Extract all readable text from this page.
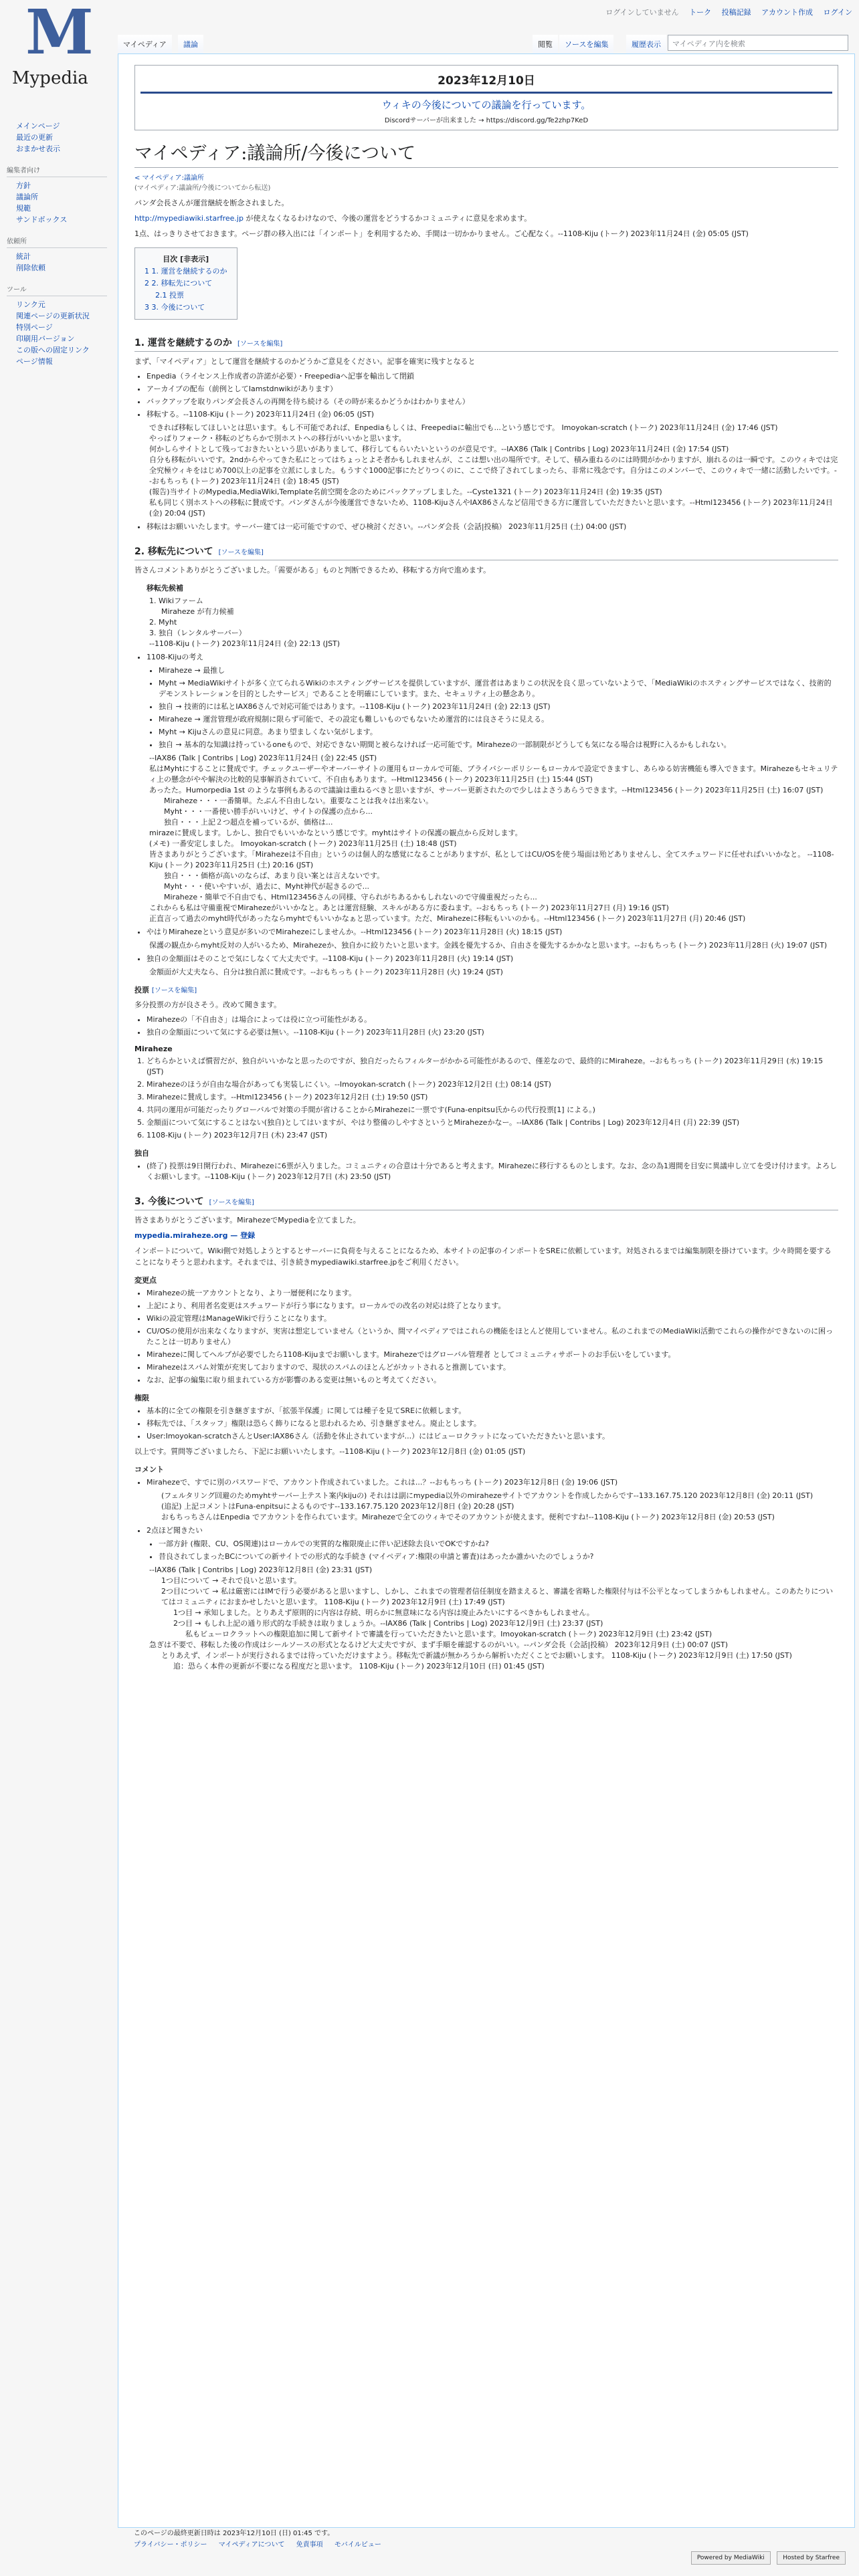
M
Mypedia
ログインしていません トーク 投稿記録 アカウント作成 ログイン
マイペディア	議論	閲覧	ソースを編集	履歴表示	マイペディア内を検索
メインページ
最近の更新
おまかせ表示
編集者向け
方針
議論所
規範
サンドボックス
依頼所
統計
削除依頼
ツール
リンク元
関連ページの更新状況
特別ページ
印刷用バージョン
この版への固定リンク
ページ情報
2023年12月10日
ウィキの今後についての議論を行っています。
Discordサーバーが出来ました → https://discord.gg/Te2zhp7KeD
マイペディア:議論所/今後について
< マイペディア:議論所
(マイペディア:議論所/今後についてから転送)

パンダ会長さんが運営継続を断念されました。

http://mypediawiki.starfree.jp が使えなくなるわけなので、今後の運営をどうするかコミュニティに意見を求めます。

1点、はっきりさせておきます。ページ群の移入出には「インポート」を利用するため、手間は一切かかりません。ご心配なく。--1108-Kiju (トーク) 2023年11月24日 (金) 05:05 (JST)

目次 [非表示]
1 1. 運営を継続するのか
2 2. 移転先について
2.1 投票
3 3. 今後について
1. 運営を継続するのか [ソースを編集]

まず、「マイペディア」として運営を継続するのかどうかご意見をください。記事を確実に残すとなると

• Enpedia（ライセンス上作成者の許諾が必要）・Freepediaへ記事を輸出して閉鎖
• アーカイブの配布（前例としてIamstdnwikiがあります）
• バックアップを取りパンダ会長さんの再開を待ち続ける（その時が来るかどうかはわかりません）
• 移転する。--1108-Kiju (トーク) 2023年11月24日 (金) 06:05 (JST)
できれば移転してほしいとは思います。もし不可能であれば、Enpediaもしくは、Freepediaに輸出でも...という感じです。 Imoyokan-scratch (トーク) 2023年11月24日 (金) 17:46 (JST)
やっぱりフォーク・移転のどちらかで別ホストへの移行がいいかと思います。
何かしらサイトとして残っておきたいという思いがありまして、移行してもらいたいというのが意見です。--IAX86 (Talk | Contribs | Log) 2023年11月24日 (金) 17:54 (JST)
自分も移転がいいです。2ndからやってきた私にとってはちょっとよそ者かもしれませんが、ここは想い出の場所です。そして、積み重ねるのには時間がかかりますが、崩れるのは一瞬です。このウィキでは完全究極ウィキをはじめ700以上の記事を立派にしました。もうすぐ1000記事にたどりつくのに、ここで終了されてしまったら、非常に残念です。自分はこのメンバーで、このウィキで一緒に活動したいです。--おもちっち (トーク) 2023年11月24日 (金) 18:45 (JST)
(報告)当サイトのMypedia,MediaWiki,Template名前空間を念のためにバックアップしました。--Cyste1321 (トーク) 2023年11月24日 (金) 19:35 (JST)
私も同じく別ホストへの移転に賛成です。パンダさんが今後運営できないため、1108-KijuさんやIAX86さんなど信用できる方に運営していただきたいと思います。--Html123456 (トーク) 2023年11月24日 (金) 20:04 (JST)
• 移転はお願いいたします。サーバー建ては一応可能ですので、ぜひ検討ください。--パンダ会長（会話|投稿） 2023年11月25日 (土) 04:00 (JST)
2. 移転先について [ソースを編集]

皆さんコメントありがとうございました。「需要がある」ものと判断できるため、移転する方向で進めます。

移転先候補
1. Wikiファーム
Miraheze が有力候補
2. Myht
3. 独自（レンタルサーバー）
--1108-Kiju (トーク) 2023年11月24日 (金) 22:13 (JST)
• 1108-Kijuの考え
• Miraheze → 最推し
• Myht → MediaWikiサイトが多く立てられるWikiのホスティングサービスを提供していますが、運営者はあまりこの状況を良く思っていないようで、「MediaWikiのホスティングサービスではなく、技術的デモンストレーションを目的としたサービス」であることを明確にしています。また、セキュリティ上の懸念あり。
• 独自 → 技術的には私とIAX86さんで対応可能ではあります。--1108-Kiju (トーク) 2023年11月24日 (金) 22:13 (JST)
• Miraheze → 運営管理が政府規制に限らず可能で、その設定も難しいものでもないため運営的には良さそうに見える。
• Myht → Kijuさんの意見に同意。あまり望ましくない気がします。
• 独自 → 基本的な知識は持っているoneもので、対応できない期間と被らなければ一応可能です。Mirahezeの一部制限がどうしても気になる場合は視野に入るかもしれない。
--IAX86 (Talk | Contribs | Log) 2023年11月24日 (金) 22:45 (JST)
私はMyhtにすることに賛成です。チェックユーザーやオーバーサイトの運用もローカルで可能、プライバシーポリシーもローカルで設定できますし、あらゆる妨害機能も導入できます。Mirahezeもセキュリティ上の懸念がやや解決の比較的見事解消されていて、不自由もあります。--Html123456 (トーク) 2023年11月25日 (土) 15:44 (JST)
あったた。Humorpedia 1st のような事例もあるので議論は重ねるべきと思いますが、サーバー更新されたので少しはよさうあらうできます。--Html123456 (トーク) 2023年11月25日 (土) 16:07 (JST)
Miraheze・・・一番簡単。たぶん不自由しない。重要なことは我々は出来ない。
Myht・・・一番使い勝手がいいけど、サイトの保護の点から...
独自・・・上記２つ超点を補っているが、価格は...
mirazeに賛成します。しかし、独自でもいいかなという感じです。myhtはサイトの保護の観点から反対します。
(メモ) 一番安定しました。 Imoyokan-scratch (トーク) 2023年11月25日 (土) 18:48 (JST)
皆さまありがとうございます。「Mirahezeは不自由」というのは個人的な感覚になることがありますが、私としてはCU/OSを使う場面は殆どありませんし、全てスチュワードに任せればいいかなと。 --1108-Kiju (トーク) 2023年11月25日 (土) 20:16 (JST)
独自・・・価格が高いのならば、あまり良い案とは言えないです。
Myht・・・使いやすいが、過去に、Myht神代が起きるので...
Miraheze・簡単で不自由でも、Html123456さんの同様、守られがちあるかもしれないので守備重視だったら...
これからも私は守備重視でMirahezeがいいかなと。あとは運営経験、スキルがある方に委ねます。--おもちっち (トーク) 2023年11月27日 (月) 19:16 (JST)
正直言って過去のmyht時代があったならmyhtでもいいかなぁと思っています。ただ、Mirahezeに移転もいいのかも。--Html123456 (トーク) 2023年11月27日 (月) 20:46 (JST)
• やはりMirahezeという意見が多いのでMirahezeにしませんか。--Html123456 (トーク) 2023年11月28日 (火) 18:15 (JST)
保護の観点からmyht反対の人がいるため、Mirahezeか、独自かに絞りたいと思います。金銭を優先するか、自由さを優先するかかなと思います。--おもちっち (トーク) 2023年11月28日 (火) 19:07 (JST)
• 独自の金額面はそのことで気にしなくて大丈夫です。--1108-Kiju (トーク) 2023年11月28日 (火) 19:14 (JST)
金額面が大丈夫なら、自分は独自派に賛成です。--おもちっち (トーク) 2023年11月28日 (火) 19:24 (JST)
投票 [ソースを編集]

多分投票の方が良さそう。改めて聞きます。

• Mirahezeの「不自由さ」は場合によっては役に立つ可能性がある。
• 独自の金額面について気にする必要は無い。--1108-Kiju (トーク) 2023年11月28日 (火) 23:20 (JST)
Miraheze
1. どちらかといえば慣習だが、独自がいいかなと思ったのですが、独自だったらフィルターがかかる可能性があるので、僅差なので、最終的にMiraheze。--おもちっち (トーク) 2023年11月29日 (水) 19:15 (JST)
2. Mirahezeのほうが自由な場合があっても実装しにくい。--Imoyokan-scratch (トーク) 2023年12月2日 (土) 08:14 (JST)
3. Mirahezeに賛成します。--Html123456 (トーク) 2023年12月2日 (土) 19:50 (JST)
4. 共同の運用が可能だったりグローバルで対策の手間が省けることからMirahezeに一票です(Funa-enpitsu氏からの代行投票[1] による。)
5. 金額面について気にすることはない(独自)としてはいますが、やはり整備のしやすさというとMirahezeかなー。--IAX86 (Talk | Contribs | Log) 2023年12月4日 (月) 22:39 (JST)
6. 1108-Kiju (トーク) 2023年12月7日 (木) 23:47 (JST)
独自
• (終了) 投票は9日開行われ、Mirahezeに6票が入りました。コミュニティの合意は十分であると考えます。Mirahezeに移行するものとします。なお、念の為1週間を目安に異議申し立てを受け付けます。よろしくお願いします。--1108-Kiju (トーク) 2023年12月7日 (木) 23:50 (JST)
3. 今後について [ソースを編集]

皆さまありがとうございます。MirahezeでMypediaを立てました。

mypedia.miraheze.org — 登録

インポートについて。Wiki側で対処しようとするとサーバーに負荷を与えることになるため、本サイトの記事のインポートをSREに依頼しています。対処されるまでは編集制限を掛けています。少々時間を要することになりそうと思われます。それまでは、引き続きmypediawiki.starfree.jpをご利用ください。

変更点
• Mirahezeの統一アカウントとなり、より一層便利になります。
• 上記により、利用者名変更はスチュワードが行う事になります。ローカルでの改名の対応は終了となります。
• Wikiの設定管理はManageWikiで行うことになります。
• CU/OSの使用が出来なくなりますが、実害は想定していません（というか、間マイペディアではこれらの機能をほとんど使用していません。私のこれまでのMediaWiki活動でこれらの操作ができないのに困ったことは一切ありません）
• Mirahezeに関してヘルプが必要でしたら1108-Kijuまでお願いします。Mirahezeではグローバル管理者 としてコミュニティサポートのお手伝いをしています。
• Mirahezeはスパム対策が充実しておりますので、現状のスパムのほとんどがカットされると推測しています。
• なお、記事の編集に取り組まれている方が影響のある変更は無いものと考えてください。
権限
• 基本的に全ての権限を引き継ぎますが、「拡張半保護」に関しては種子を見てSREに依頼します。
• 移転先では、「スタッフ」権限は恐らく飾りになると思われるため、引き継ぎません。廃止とします。
• User:Imoyokan-scratchさんとUser:IAX86さん（活動を休止されていますが...）にはビューロクラットになっていただきたいと思います。

以上です。質問等ございましたら、下記にお願いいたします。--1108-Kiju (トーク) 2023年12月8日 (金) 01:05 (JST)

コメント
• Mirahezeで、すでに別のパスワードで、アカウント作成されていました。これは...？--おもちっち (トーク) 2023年12月8日 (金) 19:06 (JST)
(フェルタリング回避のためmyhtサーバー上テスト案内kijuの) それはは副にmypedia以外のmirahezeサイトでアカウントを作成したからです--133.167.75.120 2023年12月8日 (金) 20:11 (JST)
(追記) 上記コメントはFuna-enpitsuによるものです--133.167.75.120 2023年12月8日 (金) 20:28 (JST)
おもちっちさんはEnpedia でアカウントを作られています。Mirahezeで全てのウィキでそのアカウントが使えます。便利ですね!--1108-Kiju (トーク) 2023年12月8日 (金) 20:53 (JST)
• 2点ほど聞きたい
• 一部方針 (権限、CU、OS関連)はローカルでの実質的な権限廃止に伴い記述除去良いでOKですかね?
• 昔良されてしまったBCについての新サイトでの形式的な手続き (マイペディア:権限の申請と審査)はあったか誰かいたのでしょうか?
--IAX86 (Talk | Contribs | Log) 2023年12月8日 (金) 23:31 (JST)
1つ目について → それで良いと思います。
2つ目について → 私は厳密にはIMで行う必要があると思いますし、しかし、これまでの管理者信任制度を踏まえると、審議を省略した権限付与は不公平となってしまうかもしれません。このあたりについてはコミュニティにおまかせしたいと思います。 1108-Kiju (トーク) 2023年12月9日 (土) 17:49 (JST)
1つ目 → 承知しました。とりあえず原則的に内容は存続、明らかに無意味になる内容は廃止みたいにするべきかもしれません。
2つ目 → もしれ上記の通り形式的な手続きは取りましょうか。--IAX86 (Talk | Contribs | Log) 2023年12月9日 (土) 23:37 (JST)
私もビューロクラットへの権限追加に関して新サイトで審議を行っていただきたいと思います。Imoyokan-scratch (トーク) 2023年12月9日 (土) 23:42 (JST)
急ぎは不要で、移転した後の作成はシールソースの形式となるけど大丈夫ですが、まず手順を確認するのがいい。--パンダ会長（会話|投稿） 2023年12月9日 (土) 00:07 (JST)
とりあえず、インポートが実行されるまでは待っていただけますよう。移転先で新議が無かろうから解析いただくことでお願いします。 1108-Kiju (トーク) 2023年12月9日 (土) 17:50 (JST)
追：恐らく本件の更新が不要になる程度だと思います。 1108-Kiju (トーク) 2023年12月10日 (日) 01:45 (JST)
このページの最終更新日時は 2023年12月10日 (日) 01:45 です。
プライバシー・ポリシー マイペディアについて 免責事項 モバイルビュー
Powered by MediaWiki	Hosted by Starfree
